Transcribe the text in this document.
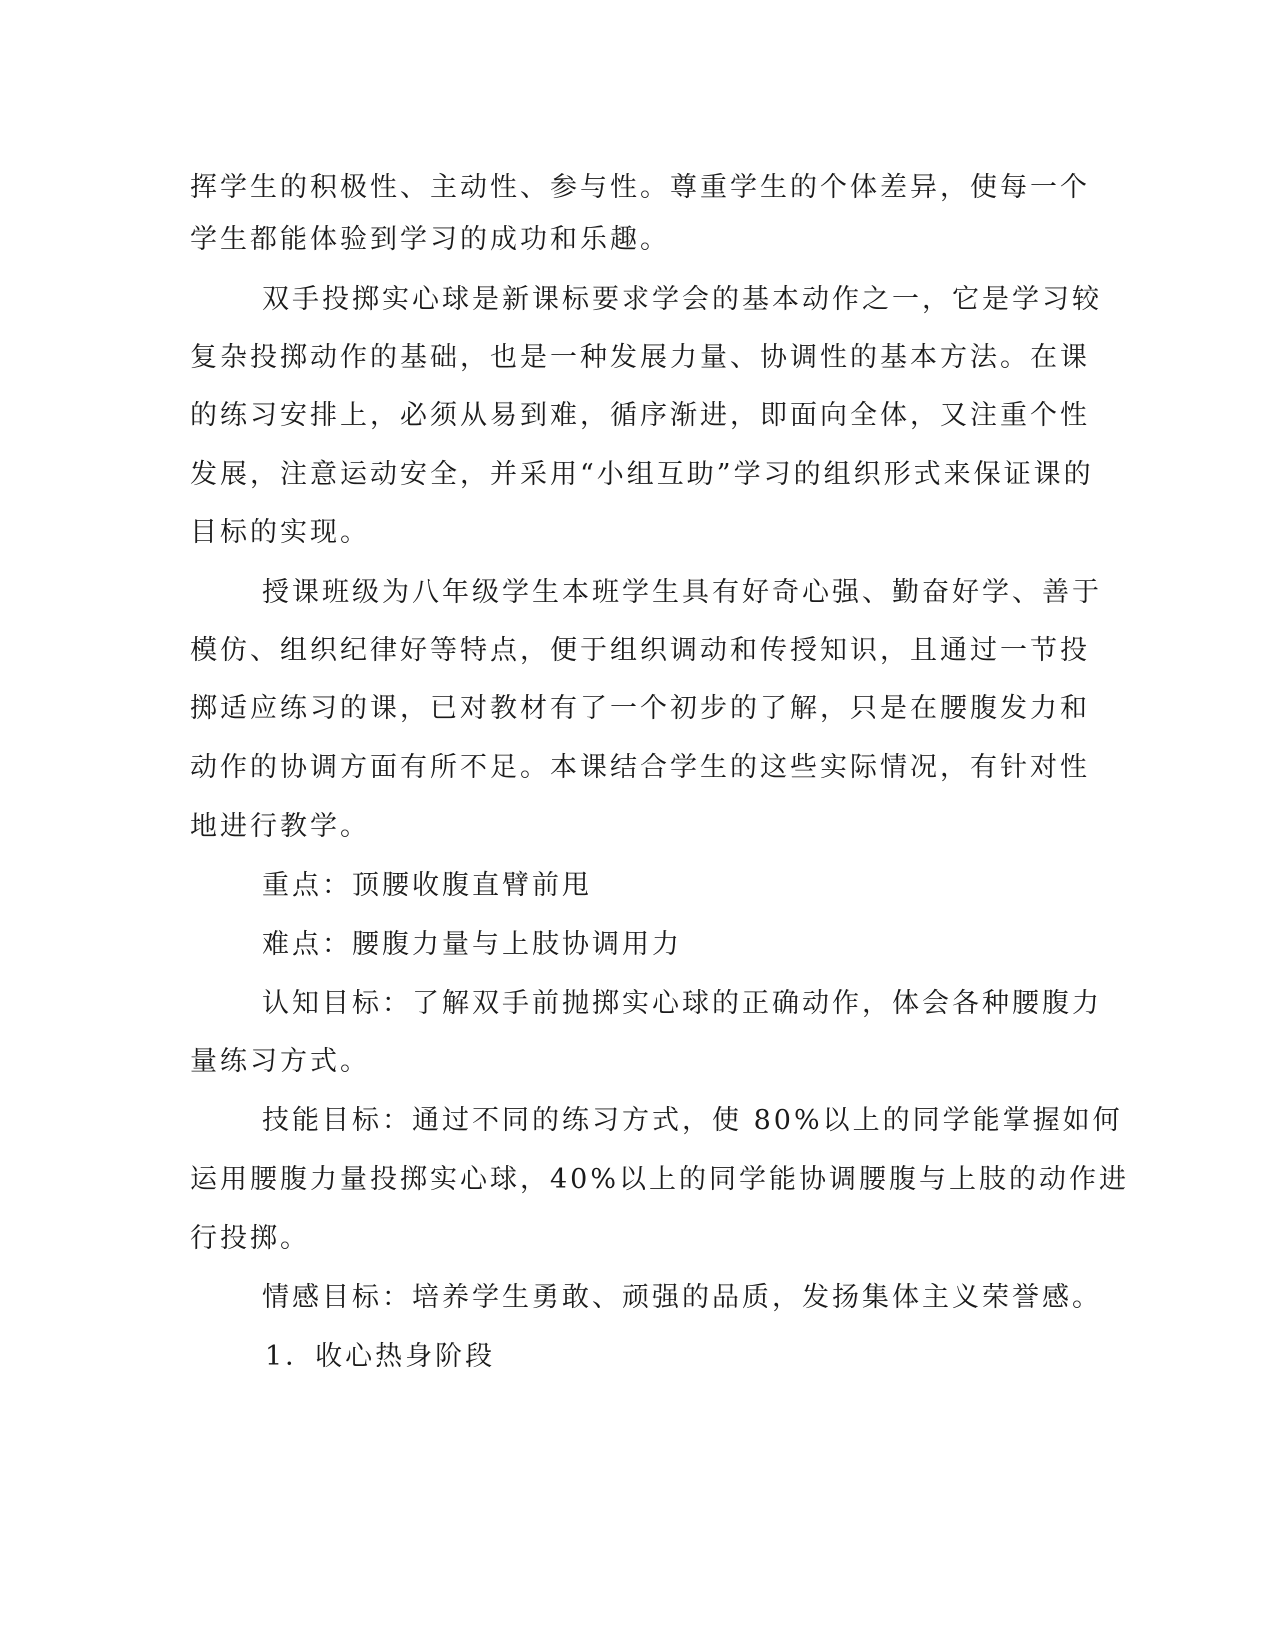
挥学生的积极性、主动性、参与性。尊重学生的个体差异，使每一个
学生都能体验到学习的成功和乐趣。
双手投掷实心球是新课标要求学会的基本动作之一，它是学习较
复杂投掷动作的基础，也是一种发展力量、协调性的基本方法。在课
的练习安排上，必须从易到难，循序渐进，即面向全体，又注重个性
发展，注意运动安全，并采用“小组互助”学习的组织形式来保证课的
目标的实现。
授课班级为八年级学生本班学生具有好奇心强、勤奋好学、善于
模仿、组织纪律好等特点，便于组织调动和传授知识，且通过一节投
掷适应练习的课，已对教材有了一个初步的了解，只是在腰腹发力和
动作的协调方面有所不足。本课结合学生的这些实际情况，有针对性
地进行教学。
重点：顶腰收腹直臂前甩
难点：腰腹力量与上肢协调用力
认知目标：了解双手前抛掷实心球的正确动作，体会各种腰腹力
量练习方式。
技能目标：通过不同的练习方式，使 80%以上的同学能掌握如何
运用腰腹力量投掷实心球，40%以上的同学能协调腰腹与上肢的动作进
行投掷。
情感目标：培养学生勇敢、顽强的品质，发扬集体主义荣誉感。
1．收心热身阶段
